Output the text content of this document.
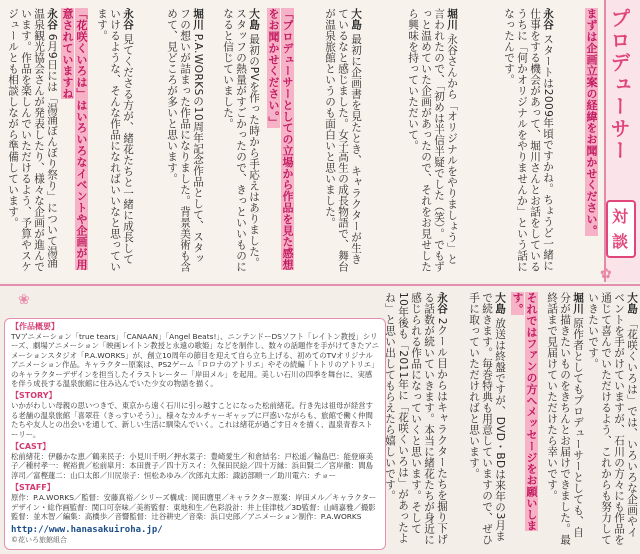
プロデューサー
対
談
まずは企画立案の経緯をお聞かせください。
永谷 スタートは2009年頃ですかね。ちょうど一緒に仕事をする機会があって、堀川さんとお話をしているうちに「何かオリジナルをやりませんか」という話になったんです。
堀川 永谷さんから「オリジナルをやりましょう」と言われたので、「初めは半信半疑でした（笑）。でもずっと温めていた企画があったので、それをお見せしたら興味を持っていただいて。
大島 最初に企画書を見たとき、キャラクターが生きているなと感じました。女子高生の成長物語で、舞台が温泉旅館というのも面白いと思いました。
「プロデューサーとしての立場から作品を見た感想をお聞かせください。」
大島 最初のPVを作った時から手応えはありました。スタッフの熱量がすごかったので、きっといいものになると信じていました。
堀川 P.A.WORKSの10周年記念作品として、スタッフの想いが詰まった作品になりました。背景美術も含めて、見どころが多いと思います。
永谷 見てくださる方が、緒花たちと一緒に成長していけるような、そんな作品になればいいなと思っています。
「花咲くいろは」はいろいろなイベントや企画が用意されていますね
永谷 6月9日には「湯涌ぼんぼり祭り」について湯涌温泉観光協会さんが発表したり、様々な企画が進んでいます。作品を楽しんでいただけるよう、予算やスケジュールとも相談しながら準備しています。
✿
❀
【作品概要】

TVアニメーション「true tears」「CANAAN」「Angel Beats!」、ニンテンドーDSソフト「レイトン教授」シリーズ、劇場アニメーション「映画レイトン教授と永遠の歌姫」などを制作し、数々の話題作を手がけてきたアニメーションスタジオ「P.A.WORKS」が、創立10周年の節目を迎えて自ら立ち上げる、初めてのTVオリジナルアニメーション作品。キャラクター原案は、PS2ゲーム「ロロナのアトリエ」やその続編「トトリのアトリエ」のキャラクターデザインを担当したイラストレーター「岸田メル」を起用。美しい石川の四季を舞台に、実感を伴う成長する温泉旅館に住み込んでいた少女の物語を描く。

【STORY】

いかがわしい母親の思いつきで、東京から遠く石川に引っ越すことになった松前緒花。行き先は祖母が経営する老舗の温泉旅館「喜翠荘（きっすいそう）」。様々なカルチャーギャップに戸惑いながらも、旅館で働く仲間たちや友人との出会いを通して、新しい生活に馴染んでいく。これは緒花が過ごす日々を描く、温泉青春ストーリー。

【CAST】

松前緒花：伊藤かな恵／鶴来民子：小見川千明／押水菜子：豊崎愛生／和倉結名：戸松遥／輪島巴：能登麻美子／種村孝一：梶裕貴／松前皐月：本田貴子／四十万スイ：久保田民絵／四十万縁：浜田賢二／宮岸徹：間島淳司／富樫蓮二：山口太郎／川尻崇子：恒松あゆみ／次郎丸太郎：諏訪部順一／助川電六：チョー

【STAFF】

原作：P.A.WORKS／監督：安藤真裕／シリーズ構成：岡田麿里／キャラクター原案：岸田メル／キャラクターデザイン・総作画監督：関口可奈味／美術監督：東地和生／色彩設計：井上佳津枝／3D監督：山﨑嘉雅／撮影監督：並木智／編集：高橋歩／音響監督：辻谷耕史／音楽：浜口史郎／アニメーション制作：P.A.WORKS

http://www.hanasakuiroha.jp/
©花いろ旅館組合
永谷 2クール目からはキャラクターたちを掘り下げる話数が続いていきます。本当に緒花たちが身近に感じられる作品になっていくと思います。そして10年後も「2011年に「花咲くいろは」があったよね」と思い出してもらえたら嬉しいです。	大島 放送は終盤ですが、DVD・BDは来年の3月まで続きます。毎巻特典も用意していますので、ぜひ手に取っていただければと思います。	それではファンの方へメッセージをお願いします。	堀川 原作者としてもプロデューサーとしても、自分が描きたいものをきちんとお届けできました。最終話まで見届けていただけたら幸いです。	大島 「花咲くいろは」では、いろいろな企画やイベントを手がけていますが、石川の方々にも作品を通じて喜んでいただけるよう、これからも努力していきたいです。
